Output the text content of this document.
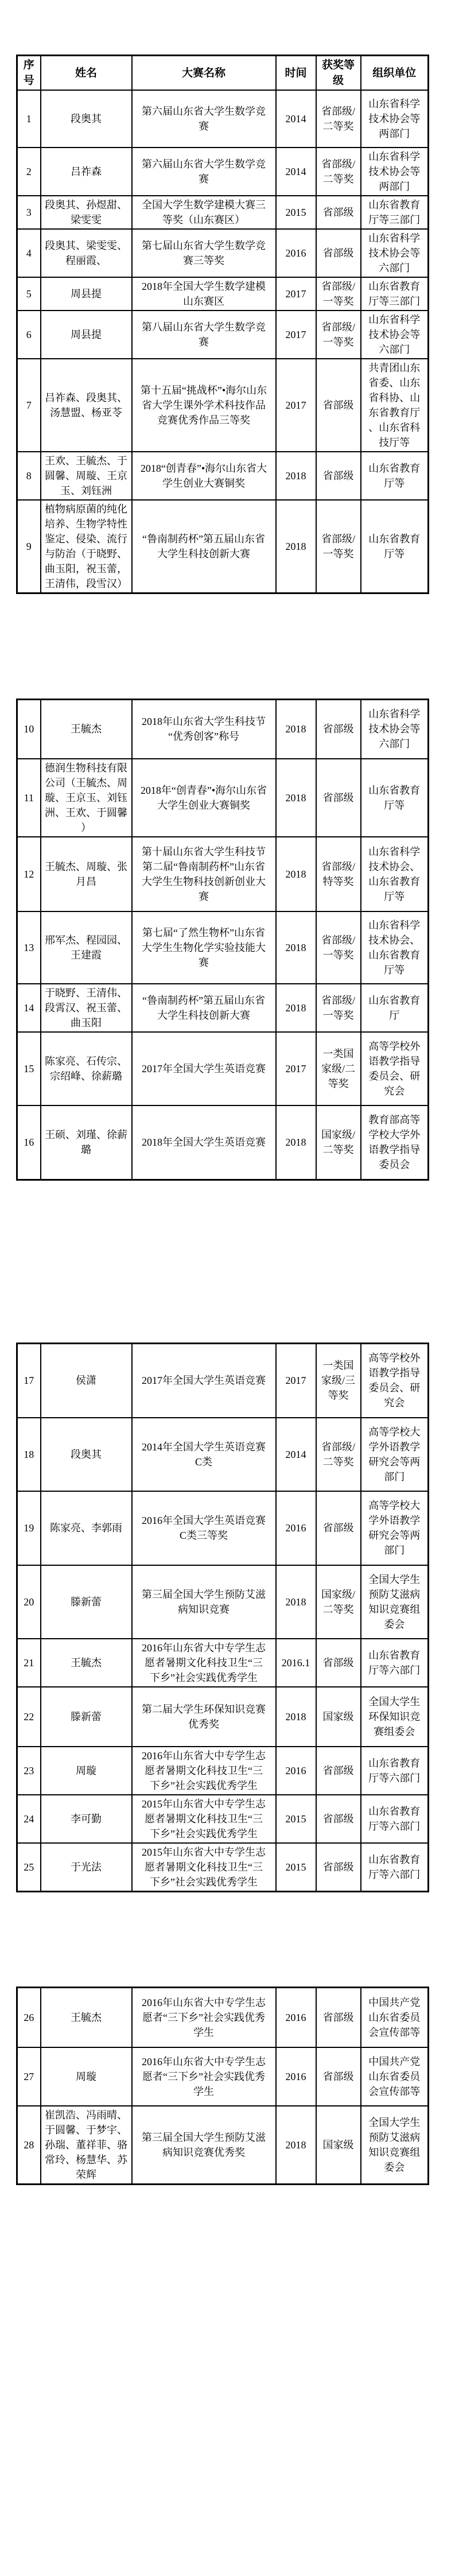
序号	姓名	大赛名称	时间	获奖等级	组织单位
1	段奥其	第六届山东省大学生数学竞赛	2014	省部级/二等奖	山东省科学技术协会等两部门
2	吕祚森	第六届山东省大学生数学竞赛	2014	省部级/二等奖	山东省科学技术协会等两部门
3	段奥其、孙煜甜、梁雯雯	全国大学生数学建模大赛三等奖（山东赛区）	2015	省部级	山东省教育厅等三部门
4	段奥其、梁雯雯、程丽霞、	第七届山东省大学生数学竞赛三等奖	2016	省部级	山东省科学技术协会等六部门
5	周县提	2018年全国大学生数学建模山东赛区	2017	省部级/一等奖	山东省教育厅等三部门
6	周县提	第八届山东省大学生数学竞赛	2017	省部级/一等奖	山东省科学技术协会等六部门
7	吕祚森、段奥其、汤慧盟、杨亚苓	第十五届“挑战杯”•海尔山东省大学生课外学术科技作品竞赛优秀作品三等奖	2017	省部级	共青团山东省委、山东省科协、山东省教育厅、山东省科技厅等
8	王欢、王毓杰、于圆馨、周璇、王京玉、刘钰洲	2018“创青春”•海尔山东省大学生创业大赛铜奖	2018	省部级	山东省教育厅等
9	植物病原菌的纯化培养、生物学特性鉴定、侵染、流行与防治（于晓野、曲玉阳，祝玉蕾，王清伟，段雪汉）	“鲁南制药杯”第五届山东省大学生科技创新大赛	2018	省部级/一等奖	山东省教育厅等
10	王毓杰	2018年山东省大学生科技节“优秀创客”称号	2018	省部级	山东省科学技术协会等六部门
11	德润生物科技有限公司（王毓杰、周璇、王京玉、刘钰洲、王欢、于圆馨）	2018年“创青春”•海尔山东省大学生创业大赛铜奖	2018	省部级	山东省教育厅等
12	王毓杰、周璇、张月昌	第十届山东省大学生科技节第二届“鲁南制药杯”山东省大学生生物科技创新创业大赛	2018	省部级/特等奖	山东省科学技术协会、山东省教育厅等
13	邢军杰、程园园、王建霞	第七届“了然生物杯”山东省大学生生物化学实验技能大赛	2018	省部级/一等奖	山东省科学技术协会、山东省教育厅等
14	于晓野、王清伟、段霄汉、祝玉蕾、曲玉阳	“鲁南制药杯”第五届山东省大学生科技创新大赛	2018	省部级/一等奖	山东省教育厅
15	陈家亮、石传宗、宗绍峰、徐薪璐	2017年全国大学生英语竞赛	2017	一类国家级/二等奖	高等学校外语教学指导委员会、研究会
16	王硕、刘瑾、徐薪璐	2018年全国大学生英语竞赛	2018	国家级/二等奖	教育部高等学校大学外语教学指导委员会
17	侯潇	2017年全国大学生英语竞赛	2017	一类国家级/三等奖	高等学校外语教学指导委员会、研究会
18	段奥其	2014年全国大学生英语竞赛C类	2014	省部级/二等奖	高等学校大学外语教学研究会等两部门
19	陈家亮、李郭雨	2016年全国大学生英语竞赛C类三等奖	2016	省部级	高等学校大学外语教学研究会等两部门
20	滕新蕾	第三届全国大学生预防艾滋病知识竞赛	2018	国家级/二等奖	全国大学生预防艾滋病知识竞赛组委会
21	王毓杰	2016年山东省大中专学生志愿者暑期文化科技卫生“三下乡”社会实践优秀学生	2016.1	省部级	山东省教育厅等六部门
22	滕新蕾	第二届大学生环保知识竞赛优秀奖	2018	国家级	全国大学生环保知识竞赛组委会
23	周璇	2016年山东省大中专学生志愿者暑期文化科技卫生“三下乡”社会实践优秀学生	2016	省部级	山东省教育厅等六部门
24	李可勤	2015年山东省大中专学生志愿者暑期文化科技卫生“三下乡”社会实践优秀学生	2015	省部级	山东省教育厅等六部门
25	于光法	2015年山东省大中专学生志愿者暑期文化科技卫生“三下乡”社会实践优秀学生	2015	省部级	山东省教育厅等六部门
26	王毓杰	2016年山东省大中专学生志愿者“三下乡”社会实践优秀学生	2016	省部级	中国共产党山东省委员会宣传部等
27	周璇	2016年山东省大中专学生志愿者“三下乡”社会实践优秀学生	2016	省部级	中国共产党山东省委员会宣传部等
28	崔凯浩、冯雨晴、于圆馨、于梦宇、孙瑞、董祥菲、骆常玲、杨慧华、苏荣辉	第三届全国大学生预防艾滋病知识竞赛优秀奖	2018	国家级	全国大学生预防艾滋病知识竞赛组委会
